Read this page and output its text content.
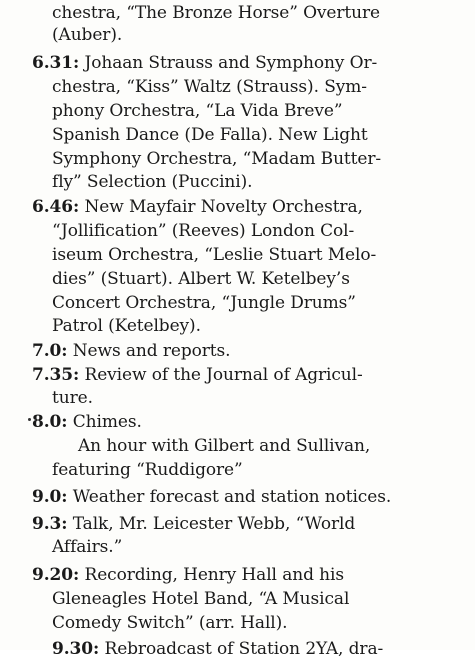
chestra, “The Bronze Horse” Overture
(Auber).
6.31: Johaan Strauss and Symphony Or-
chestra, “Kiss” Waltz (Strauss). Sym-
phony Orchestra, “La Vida Breve”
Spanish Dance (De Falla). New Light
Symphony Orchestra, “Madam Butter-
fly” Selection (Puccini).
6.46: New Mayfair Novelty Orchestra,
“Jollification” (Reeves) London Col-
iseum Orchestra, “Leslie Stuart Melo-
dies” (Stuart). Albert W. Ketelbey’s
Concert Orchestra, “Jungle Drums”
Patrol (Ketelbey).
7.0: News and reports.
7.35: Review of the Journal of Agricul-
ture.
8.0: Chimes.
An hour with Gilbert and Sullivan,
featuring “Ruddigore”
9.0: Weather forecast and station notices.
9.3: Talk, Mr. Leicester Webb, “World
Affairs.”
9.20: Recording, Henry Hall and his
Gleneagles Hotel Band, “A Musical
Comedy Switch” (arr. Hall).
9.30: Rebroadcast of Station 2YA, dra-
